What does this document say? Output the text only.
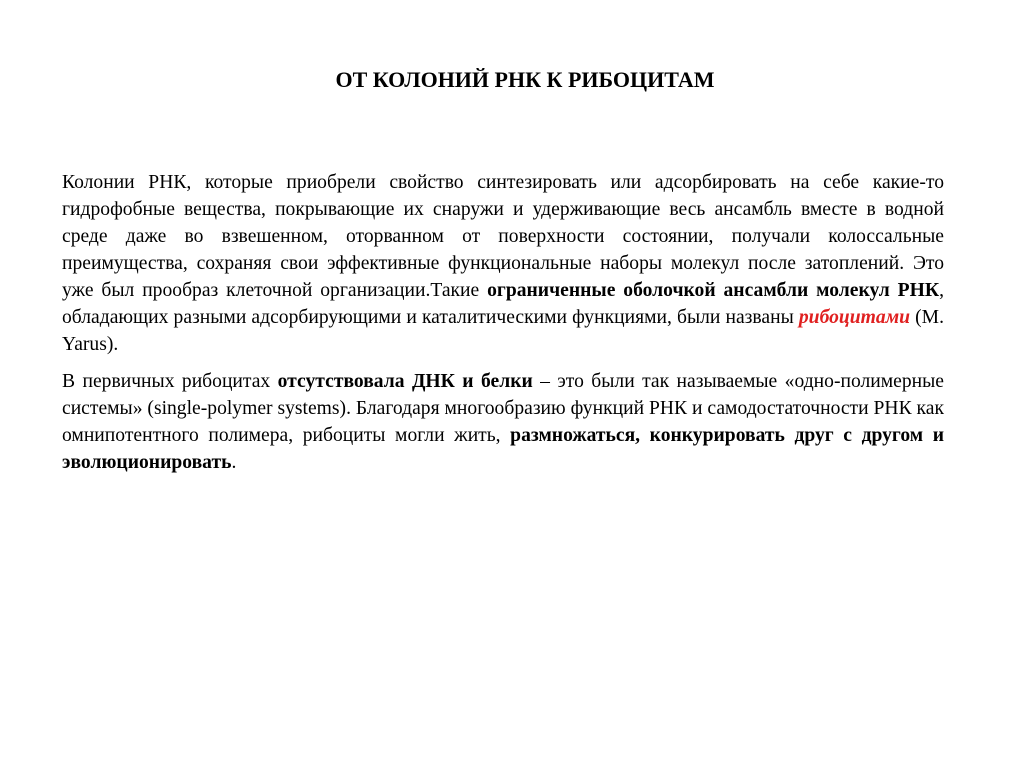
ОТ КОЛОНИЙ РНК К РИБОЦИТАМ

Колонии РНК, которые приобрели свойство синтезировать или адсорбировать на себе какие-то гидрофобные вещества, покрывающие их снаружи и удерживающие весь ансамбль вместе в водной среде даже во взвешенном, оторванном от поверхности состоянии, получали колоссальные преимущества, сохраняя свои эффективные функциональные наборы молекул после затоплений. Это уже был прообраз клеточной организации.Такие ограниченные оболочкой ансамбли молекул РНК, обладающих разными адсорбирующими и каталитическими функциями, были названы рибоцитами (M. Yarus).

В первичных рибоцитах отсутствовала ДНК и белки – это были так называемые «одно-полимерные системы» (single-polymer systems). Благодаря многообразию функций РНК и самодостаточности РНК как омнипотентного полимера, рибоциты могли жить, размножаться, конкурировать друг с другом и эволюционировать.
